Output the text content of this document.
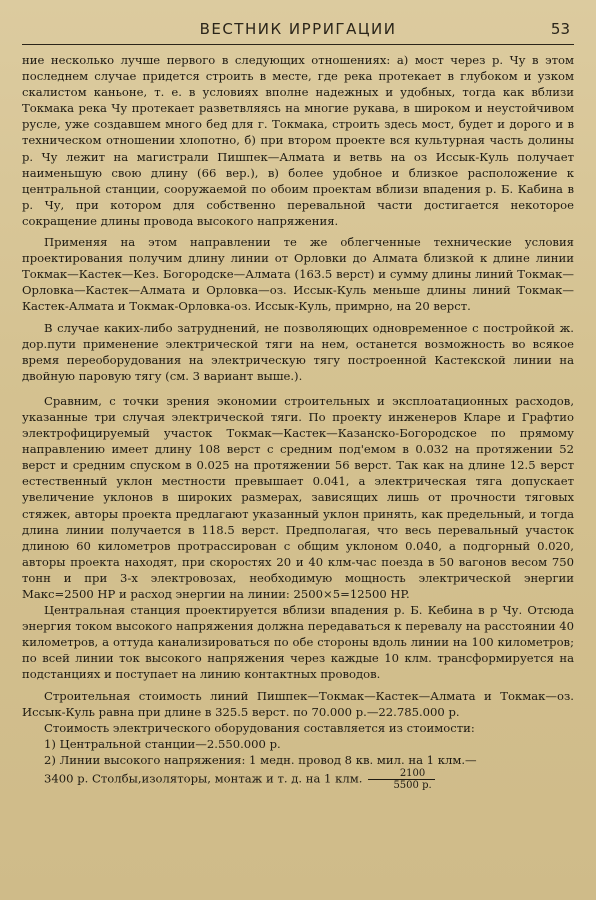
ВЕСТНИК ИРРИГАЦИИ	53

ние несколько лучше первого в следующих отношениях: а) мост через р. Чу в этом последнем случае придется строить в месте, где река протекает в глубоком и узком скалистом каньоне, т. е. в условиях вполне надежных и удобных, тогда как вблизи Токмака река Чу протекает разветвляясь на многие рукава, в широком и неустойчивом русле, уже создавшем много бед для г. Токмака, строить здесь мост, будет и дорого и в техническом отношении хлопотно, б) при втором проекте вся культурная часть долины р. Чу лежит на магистрали Пишпек—Алмата и ветвь на оз Иссык-Куль получает наименьшую свою длину (66 вер.), в) более удобное и близкое расположение к центральной станции, сооружаемой по обоим проектам вблизи впадения р. Б. Кабина в р. Чу, при котором для собственно перевальной части достигается некоторое сокращение длины провода высокого напряжения.

Применяя на этом направлении те же облегченные технические условия проектирования получим длину линии от Орловки до Алмата близкой к длине линии Токмак—Кастек—Кез. Богородске—Алмата (163.5 верст) и сумму длины линий Токмак—Орловка—Кастек—Алмата и Орловка—оз. Иссык-Куль меньше длины линий Токмак—Кастек-Алмата и Токмак-Орловка-оз. Иссык-Куль, примрно, на 20 верст.

В случае каких-либо затруднений, не позволяющих одновременное с постройкой ж. дор.пути применение электрической тяги на нем, останется возможность во всякое время переоборудования на электрическую тягу построенной Кастекской линии на двойную паровую тягу (см. 3 вариант выше.).

Сравним, с точки зрения экономии строительных и эксплоатационных расходов, указанные три случая электрической тяги. По проекту инженеров Кларе и Графтио электрофицируемый участок Токмак—Кастек—Казанско-Богородское по прямому направлению имеет длину 108 верст с средним под'емом в 0.032 на протяжении 52 верст и средним спуском в 0.025 на протяжении 56 верст. Так как на длине 12.5 верст естественный уклон местности превышает 0.041, а электрическая тяга допускает увеличение уклонов в широких размерах, зависящих лишь от прочности тяговых стяжек, авторы проекта предлагают указанный уклон принять, как предельный, и тогда длина линии получается в 118.5 верст. Предполагая, что весь перевальный участок длиною 60 километров протрассирован с общим уклоном 0.040, а подгорный 0.020, авторы проекта находят, при скоростях 20 и 40 клм-час поезда в 50 вагонов весом 750 тонн и при 3-х электровозах, необходимую мощность электрической энергии Макс=2500 HP и расход энергии на линии: 2500×5=12500 HP.

Центральная станция проектируется вблизи впадения р. Б. Кебина в р Чу. Отсюда энергия током высокого напряжения должна передаваться к перевалу на расстоянии 40 километров, а оттуда канализироваться по обе стороны вдоль линии на 100 километров; по всей линии ток высокого напряжения через каждые 10 клм. трансформируется на подстанциях и поступает на линию контактных проводов.

Строительная стоимость линий Пишпек—Токмак—Кастек—Алмата и Токмак—оз. Иссык-Куль равна при длине в 325.5 верст. по 70.000 р.—22.785.000 р.

Стоимость электрического оборудования составляется из стоимости:

1) Центральной станции—2.550.000 р.

2) Линии высокого напряжения: 1 медн. провод 8 кв. мил. на 1 клм.—

3400 р. Столбы,изоляторы, монтаж и т. д. на 1 клм. $\frac{2100}{5500 р.}$
